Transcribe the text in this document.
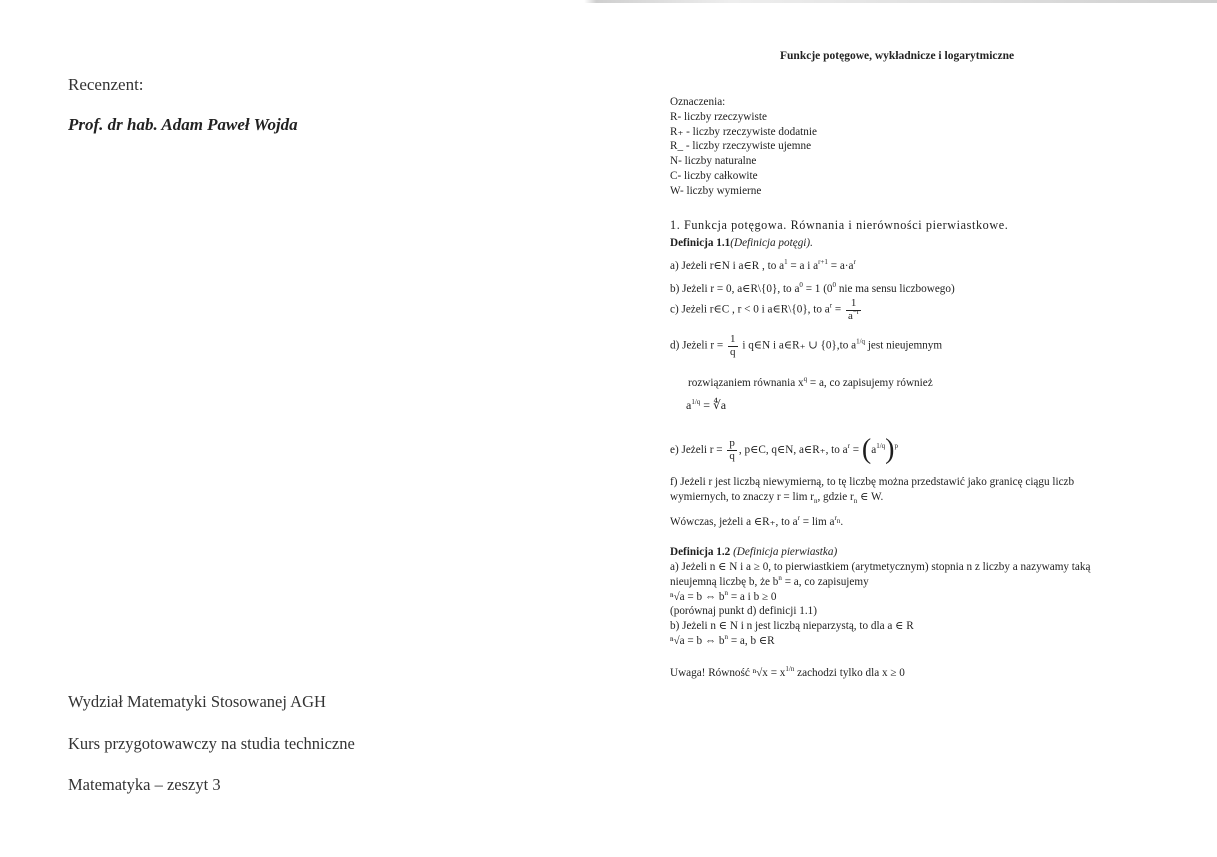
Recenzent:
Prof. dr hab. Adam Paweł Wojda
Wydział Matematyki Stosowanej AGH
Kurs przygotowawczy na studia techniczne
Matematyka – zeszyt 3
Funkcje potęgowe, wykładnicze i logarytmiczne
Oznaczenia:
R- liczby rzeczywiste
R₊ - liczby rzeczywiste dodatnie
R_ - liczby rzeczywiste ujemne
N- liczby naturalne
C- liczby całkowite
W- liczby wymierne
1. Funkcja potęgowa. Równania i nierówności pierwiastkowe.
Definicja 1.1(Definicja potęgi).
a) Jeżeli r∈N i a∈R , to $a^1 = a$ i $a^{r+1} = a\cdot a^r$
b) Jeżeli r = 0, a∈R\{0}, to $a^0 = 1$ ($0^0$ nie ma sensu liczbowego)
c) Jeżeli r∈C , r < 0 i a∈R\{0}, to $a^r = \frac{1}{a^{-r}}$
d) Jeżeli $r = \frac{1}{q}$ i q∈N i a∈R₊ ∪ {0},to $a^{1/q}$ jest nieujemnym
rozwiązaniem równania $x^q = a$, co zapisujemy również
$a^{1/q}$ = ∜a
e) Jeżeli $r = \frac{p}{q}$ , p∈C, q∈N, a∈R₊, to $a^r = (a^{1/q})^p$
f) Jeżeli r jest liczbą niewymierną, to tę liczbę można przedstawić jako granicę ciągu liczb
wymiernych, to znaczy $r = \lim r_n$, gdzie $r_n$ ∈ W.
Wówczas, jeżeli a ∈R₊, to $a^r = \lim a^{r_n}$.
Definicja 1.2 (Definicja pierwiastka)
a) Jeżeli n ∈ N i a ≥ 0, to pierwiastkiem (arytmetycznym) stopnia n z liczby a nazywamy taką
nieujemną liczbę b, że $b^n = a$, co zapisujemy
ⁿ√a = b ⇔ $b^n = a$ i b ≥ 0
(porównaj punkt d) definicji 1.1)
b) Jeżeli n ∈ N i n jest liczbą nieparzystą, to dla a ∈ R
ⁿ√a = b ⇔ $b^n = a$, b ∈R
Uwaga! Równość $^n√x = x^{1/n}$ zachodzi tylko dla x ≥ 0
